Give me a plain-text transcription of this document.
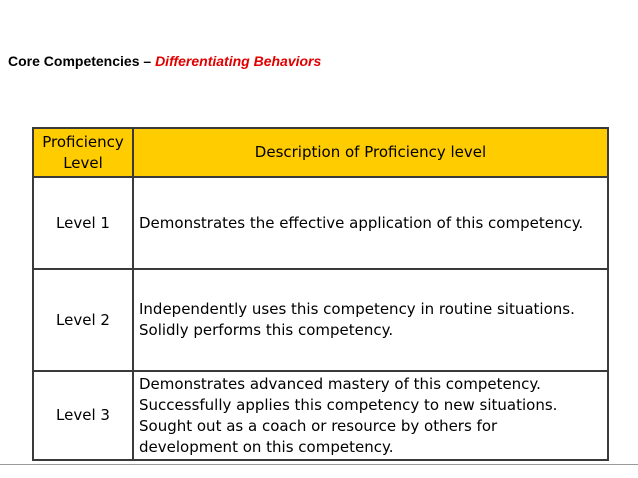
Core Competencies – Differentiating Behaviors
Proficiency Level	Description of Proficiency level
Level 1	Demonstrates the effective application of this competency.

Level 2	Independently uses this competency in routine situations.
Solidly performs this competency.

Level 3	Demonstrates advanced mastery of this competency.
Successfully applies this competency to new situations.
Sought out as a coach or resource by others for
development on this competency.
